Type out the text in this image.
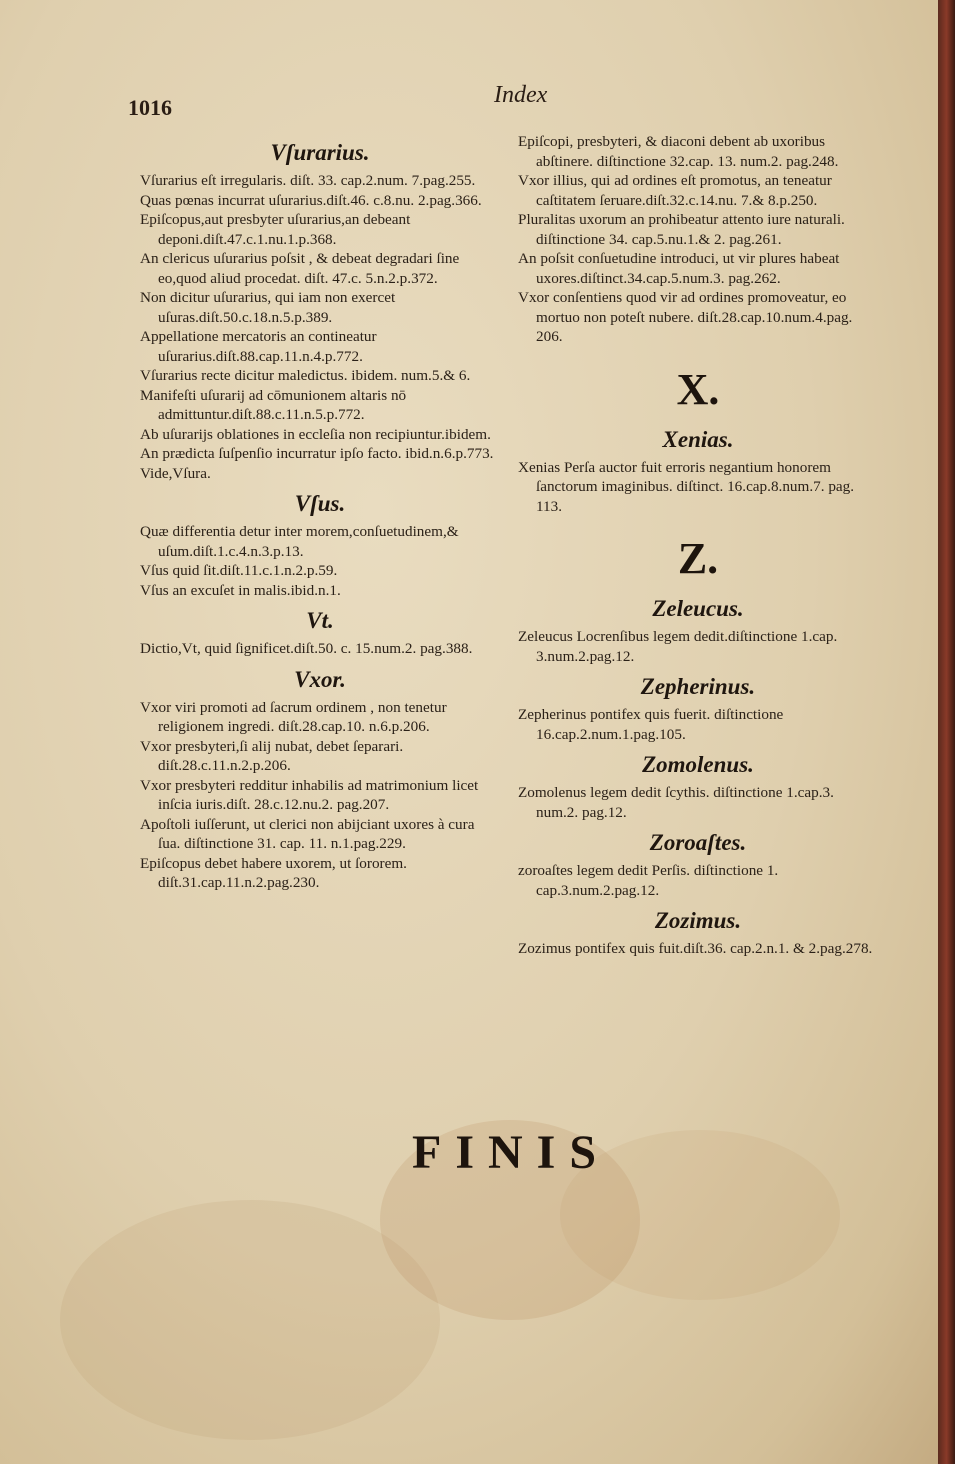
1016	Index

Vſurarius.

Vſurarius eſt irregularis. diſt. 33. cap.2.num. 7.pag.255.

Quas pœnas incurrat uſurarius.diſt.46. c.8.nu. 2.pag.366.

Epiſcopus,aut presbyter uſurarius,an debeant deponi.diſt.47.c.1.nu.1.p.368.

An clericus uſurarius poſsit , & debeat degradari ſine eo,quod aliud procedat. diſt. 47.c. 5.n.2.p.372.

Non dicitur uſurarius, qui iam non exercet uſuras.diſt.50.c.18.n.5.p.389.

Appellatione mercatoris an contineatur uſurarius.diſt.88.cap.11.n.4.p.772.

Vſurarius recte dicitur maledictus. ibidem. num.5.& 6.

Manifeſti uſurarij ad cōmunionem altaris nō admittuntur.diſt.88.c.11.n.5.p.772.

Ab uſurarijs oblationes in eccleſia non recipiuntur.ibidem.

An prædicta ſuſpenſio incurratur ipſo facto. ibid.n.6.p.773.

Vide,Vſura.

Vſus.

Quæ differentia detur inter morem,conſuetudinem,& uſum.diſt.1.c.4.n.3.p.13.

Vſus quid ſit.diſt.11.c.1.n.2.p.59.

Vſus an excuſet in malis.ibid.n.1.

Vt.

Dictio,Vt, quid ſignificet.diſt.50. c. 15.num.2. pag.388.

Vxor.

Vxor viri promoti ad ſacrum ordinem , non tenetur religionem ingredi. diſt.28.cap.10. n.6.p.206.

Vxor presbyteri,ſi alij nubat, debet ſeparari. diſt.28.c.11.n.2.p.206.

Vxor presbyteri redditur inhabilis ad matrimonium licet inſcia iuris.diſt. 28.c.12.nu.2. pag.207.

Apoſtoli iuſſerunt, ut clerici non abijciant uxores à cura ſua. diſtinctione 31. cap. 11. n.1.pag.229.

Epiſcopus debet habere uxorem, ut ſororem. diſt.31.cap.11.n.2.pag.230.

Epiſcopi, presbyteri, & diaconi debent ab uxoribus abſtinere. diſtinctione 32.cap. 13. num.2. pag.248.

Vxor illius, qui ad ordines eſt promotus, an teneatur caſtitatem ſeruare.diſt.32.c.14.nu. 7.& 8.p.250.

Pluralitas uxorum an prohibeatur attento iure naturali. diſtinctione 34. cap.5.nu.1.& 2. pag.261.

An poſsit conſuetudine introduci, ut vir plures habeat uxores.diſtinct.34.cap.5.num.3. pag.262.

Vxor conſentiens quod vir ad ordines promoveatur, eo mortuo non poteſt nubere. diſt.28.cap.10.num.4.pag. 206.

X.
Xenias.

Xenias Perſa auctor fuit erroris negantium honorem ſanctorum imaginibus. diſtinct. 16.cap.8.num.7. pag. 113.

Z.
Zeleucus.

Zeleucus Locrenſibus legem dedit.diſtinctione 1.cap. 3.num.2.pag.12.

Zepherinus.

Zepherinus pontifex quis fuerit. diſtinctione 16.cap.2.num.1.pag.105.

Zomolenus.

Zomolenus legem dedit ſcythis. diſtinctione 1.cap.3. num.2. pag.12.

Zoroaſtes.

zoroaſtes legem dedit Perſis. diſtinctione 1. cap.3.num.2.pag.12.

Zozimus.

Zozimus pontifex quis fuit.diſt.36. cap.2.n.1. & 2.pag.278.

FINIS
